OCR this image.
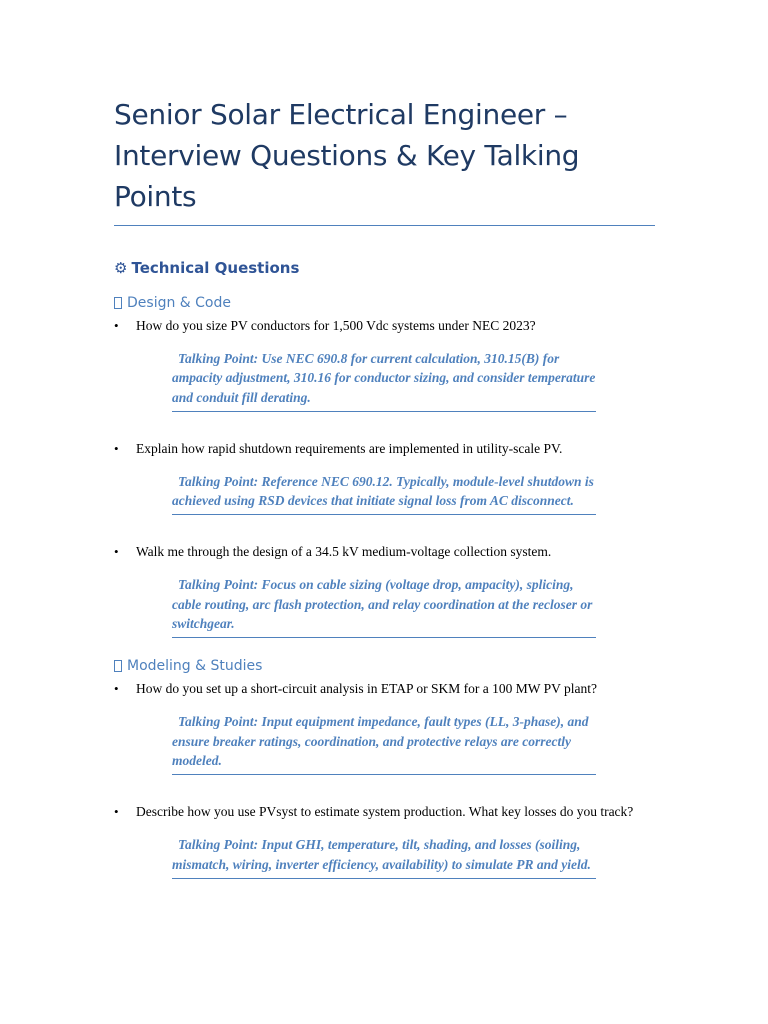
Senior Solar Electrical Engineer – Interview Questions & Key Talking Points
⚙ Technical Questions
Design & Code
•	How do you size PV conductors for 1,500 Vdc systems under NEC 2023?
Talking Point: Use NEC 690.8 for current calculation, 310.15(B) for ampacity adjustment, 310.16 for conductor sizing, and consider temperature and conduit fill derating.
•	Explain how rapid shutdown requirements are implemented in utility-scale PV.
Talking Point: Reference NEC 690.12. Typically, module-level shutdown is achieved using RSD devices that initiate signal loss from AC disconnect.
•	Walk me through the design of a 34.5 kV medium-voltage collection system.
Talking Point: Focus on cable sizing (voltage drop, ampacity), splicing, cable routing, arc flash protection, and relay coordination at the recloser or switchgear.
Modeling & Studies
•	How do you set up a short-circuit analysis in ETAP or SKM for a 100 MW PV plant?
Talking Point: Input equipment impedance, fault types (LL, 3-phase), and ensure breaker ratings, coordination, and protective relays are correctly modeled.
•	Describe how you use PVsyst to estimate system production. What key losses do you track?
Talking Point: Input GHI, temperature, tilt, shading, and losses (soiling, mismatch, wiring, inverter efficiency, availability) to simulate PR and yield.
